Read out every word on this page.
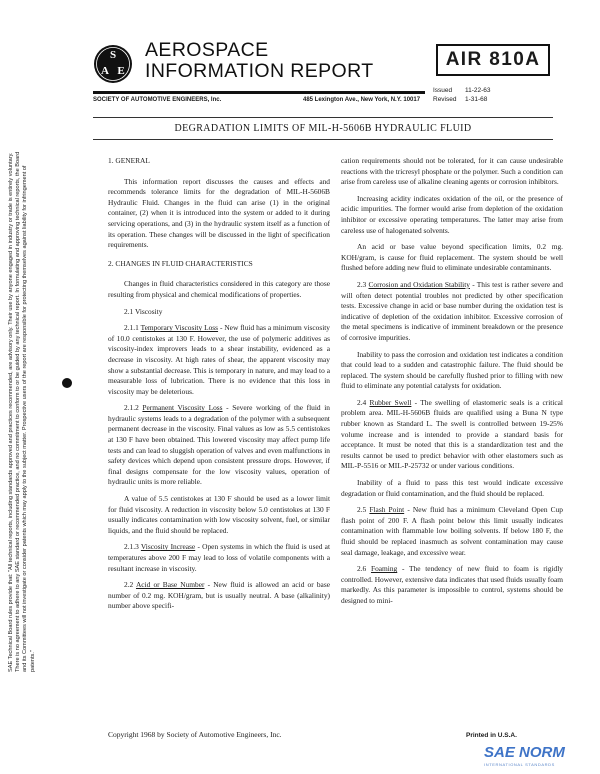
S
A E
AEROSPACE
INFORMATION REPORT
SOCIETY OF AUTOMOTIVE ENGINEERS, Inc.	485 Lexington Ave., New York, N.Y. 10017
AIR 810A
Issued 11-22-63
Revised 1-31-68
DEGRADATION LIMITS OF MIL-H-5606B HYDRAULIC FLUID

1. GENERAL

This information report discusses the causes and effects and recommends tolerance limits for the degradation of MIL-H-5606B Hydraulic Fluid. Changes in the fluid can arise (1) in the original container, (2) when it is introduced into the system or added to it during servicing operations, and (3) in the hydraulic system itself as a function of its operation. These changes will be discussed in the light of specification requirements.

2. CHANGES IN FLUID CHARACTERISTICS

Changes in fluid characteristics considered in this category are those resulting from physical and chemical modifications of properties.

2.1 Viscosity

2.1.1 Temporary Viscosity Loss - New fluid has a minimum viscosity of 10.0 centistokes at 130 F. However, the use of polymeric additives as viscosity-index improvers leads to a shear instability, evidenced as a decrease in viscosity. At high rates of shear, the apparent viscosity may show a substantial decrease. This is temporary in nature, and may lead to a measurable loss of lubrication. There is no evidence that this loss in viscosity may be deleterious.

2.1.2 Permanent Viscosity Loss - Severe working of the fluid in hydraulic systems leads to a degradation of the polymer with a subsequent permanent decrease in the viscosity. Final values as low as 5.5 centistokes at 130 F have been obtained. This lowered viscosity may affect pump life tests and can lead to sluggish operation of valves and even malfunctions in safety devices which depend upon consistent pressure drops. However, if final designs compensate for the low viscosity values, operation of hydraulic units is more reliable.

A value of 5.5 centistokes at 130 F should be used as a lower limit for fluid viscosity. A reduction in viscosity below 5.0 centistokes at 130 F usually indicates contamination with low viscosity solvent, fuel, or similar liquids, and the fluid should be replaced.

2.1.3 Viscosity Increase - Open systems in which the fluid is used at temperatures above 200 F may lead to loss of volatile components with a resultant increase in viscosity.

2.2 Acid or Base Number - New fluid is allowed an acid or base number of 0.2 mg. KOH/gram, but is usually neutral. A base (alkalinity) number above specifi-

cation requirements should not be tolerated, for it can cause undesirable reactions with the tricresyl phosphate or the polymer. Such a condition can arise from careless use of alkaline cleaning agents or corrosion inhibitors.

Increasing acidity indicates oxidation of the oil, or the presence of acidic impurities. The former would arise from depletion of the oxidation inhibitor or excessive operating temperatures. The latter may arise from careless use of halogenated solvents.

An acid or base value beyond specification limits, 0.2 mg. KOH/gram, is cause for fluid replacement. The system should be well flushed before adding new fluid to eliminate undesirable contaminants.

2.3 Corrosion and Oxidation Stability - This test is rather severe and will often detect potential troubles not predicted by other specification tests. Excessive change in acid or base number during the oxidation test is indicative of depletion of the oxidation inhibitor. Excessive corrosion of the metal specimens is indicative of imminent breakdown or the presence of corrosive impurities.

Inability to pass the corrosion and oxidation test indicates a condition that could lead to a sudden and catastrophic failure. The fluid should be replaced. The system should be carefully flushed prior to filling with new fluid to eliminate any potential catalysts for oxidation.

2.4 Rubber Swell - The swelling of elastomeric seals is a critical problem area. MIL-H-5606B fluids are qualified using a Buna N type rubber known as Standard L. The swell is controlled between 19-25% volume increase and is intended to provide a standard basis for acceptance. It must be noted that this is a standardization test and the results cannot be used to predict behavior with other elastomers such as MIL-P-5516 or MIL-P-25732 or under various conditions.

Inability of a fluid to pass this test would indicate excessive degradation or fluid contamination, and the fluid should be replaced.

2.5 Flash Point - New fluid has a minimum Cleveland Open Cup flash point of 200 F. A flash point below this limit usually indicates contamination with flammable low boiling solvents. If below 180 F, the fluid should be replaced inasmuch as solvent contamination may cause seal damage, leakage, and excessive wear.

2.6 Foaming - The tendency of new fluid to foam is rigidly controlled. However, extensive data indicates that used fluids usually foam markedly. As this parameter is impossible to control, systems should be designed to mini-

SAE Technical Board rules provide that: "All technical reports, including standards approved and practices recommended, are advisory only. Their use by anyone engaged in industry or trade is entirely voluntary. There is no agreement to adhere to any SAE standard or recommended practice, and no commitment to conform to or be guided by any technical report. In formulating and approving technical reports, the Board and its Committees will not investigate or consider patents which may apply to the subject matter. Prospective users of the report are responsible for protecting themselves against liability for infringement of patents."
Copyright 1968 by Society of Automotive Engineers, Inc.	Printed in U.S.A.
SAE NORM
INTERNATIONAL STANDARDS
